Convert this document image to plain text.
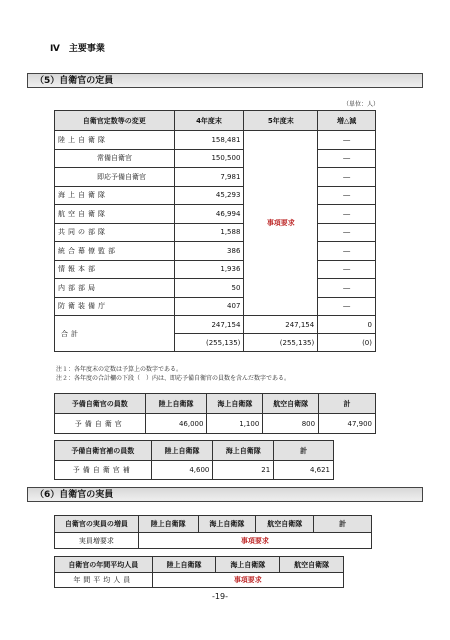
Ⅳ　主要事業
（5）自衛官の定員
（単位：人）
自衛官定数等の変更	4年度末	5年度末	増△減
陸上自衛隊	158,481	事項要求	―
常備自衛官	150,500		―
即応予備自衛官	7,981		―
海上自衛隊	45,293		―
航空自衛隊	46,994		―
共同の部隊	1,588		―
統合幕僚監部	386		―
情報本部	1,936		―
内部部局	50		―
防衛装備庁	407		―
合計	247,154	247,154	0
	(255,135)	(255,135)	(0)
注１：各年度末の定数は予算上の数字である。
注２：各年度の合計欄の下段（　）内は、即応予備自衛官の員数を含んだ数字である。
予備自衛官の員数	陸上自衛隊	海上自衛隊	航空自衛隊	計
予備自衛官	46,000	1,100	800	47,900
予備自衛官補の員数	陸上自衛隊	海上自衛隊	計
予備自衛官補	4,600	21	4,621
（6）自衛官の実員
自衛官の実員の増員	陸上自衛隊	海上自衛隊	航空自衛隊	計
実員増要求	事項要求			
自衛官の年間平均人員	陸上自衛隊	海上自衛隊	航空自衛隊
年間平均人員	事項要求		
-19-
